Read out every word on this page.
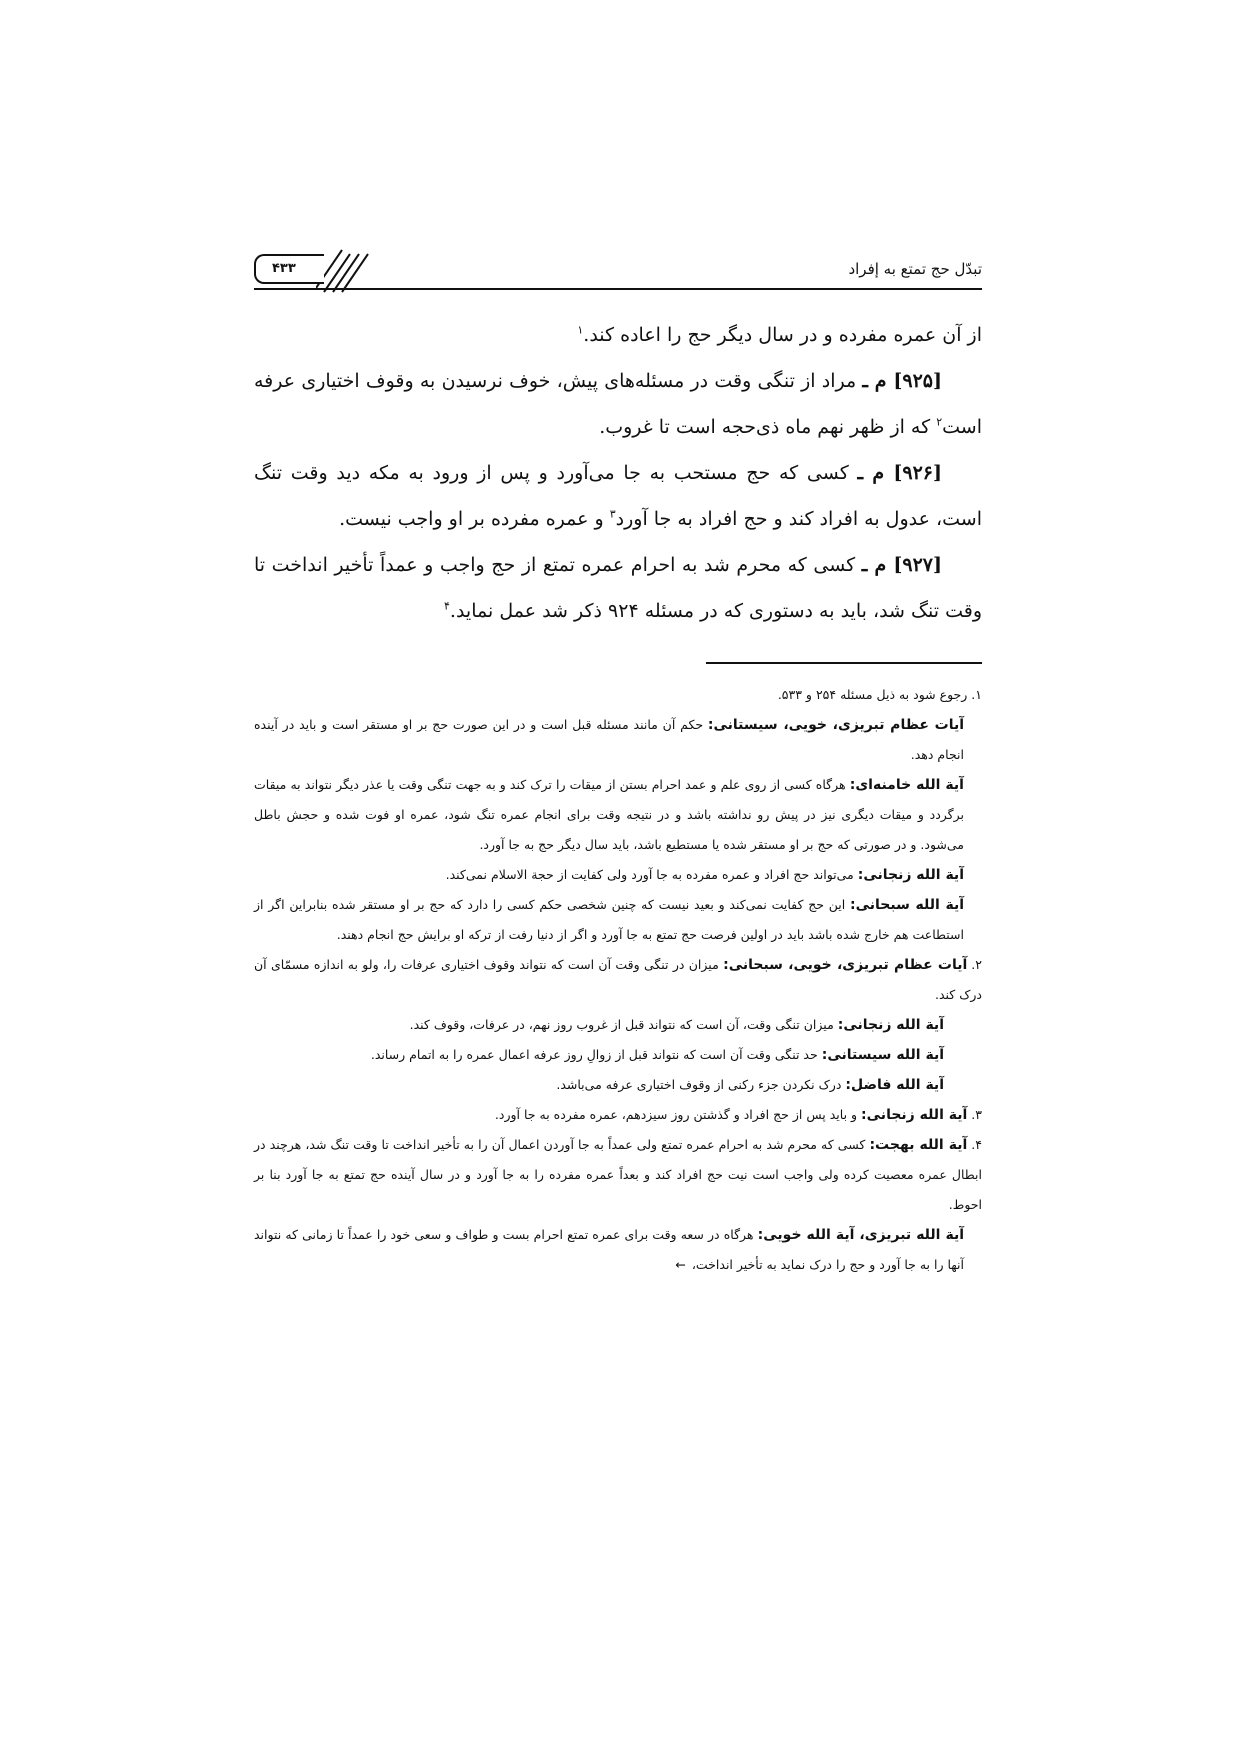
تبدّل حج تمتع به إفراد
۴۳۳

از آن عمره مفرده و در سال دیگر حج را اعاده کند.$^۱$

[۹۲۵] م ـ مراد از تنگی وقت در مسئله‌های پیش، خوف نرسیدن به وقوف اختیاری عرفه است$^۲$ که از ظهر نهم ماه ذی‌حجه است تا غروب.

[۹۲۶] م ـ کسی که حج مستحب به جا می‌آورد و پس از ورود به مکه دید وقت تنگ است، عدول به افراد کند و حج افراد به جا آورد$^۳$ و عمره مفرده بر او واجب نیست.

[۹۲۷] م ـ کسی که محرم شد به احرام عمره تمتع از حج واجب و عمداً تأخیر انداخت تا وقت تنگ شد، باید به دستوری که در مسئله ۹۲۴ ذکر شد عمل نماید.$^۴$

۱.رجوع شود به ذیل مسئله ۲۵۴ و ۵۳۳.

آیات عظام تبریزی، خویی، سیستانی: حکم آن مانند مسئله قبل است و در این صورت حج بر او مستقر است و باید در آینده انجام دهد.

آیة الله خامنه‌ای: هرگاه کسی از روی علم و عمد احرام بستن از میقات را ترک کند و به جهت تنگی وقت یا عذر دیگر نتواند به میقات برگردد و میقات دیگری نیز در پیش رو نداشته باشد و در نتیجه وقت برای انجام عمره تنگ شود، عمره او فوت شده و حجش باطل می‌شود. و در صورتی که حج بر او مستقر شده یا مستطیع باشد، باید سال دیگر حج به جا آورد.

آیة الله زنجانی: می‌تواند حج افراد و عمره مفرده به جا آورد ولی کفایت از حجة الاسلام نمی‌کند.

آیة الله سبحانی: این حج کفایت نمی‌کند و بعید نیست که چنین شخصی حکم کسی را دارد که حج بر او مستقر شده بنابراین اگر از استطاعت هم خارج شده باشد باید در اولین فرصت حج تمتع به جا آورد و اگر از دنیا رفت از ترکه او برایش حج انجام دهند.

۲.آیات عظام تبریزی، خویی، سبحانی: میزان در تنگی وقت آن است که نتواند وقوف اختیاری عرفات را، ولو به اندازه مسمّای آن درک کند.

آیة الله زنجانی: میزان تنگی وقت، آن است که نتواند قبل از غروب روز نهم، در عرفات، وقوف کند.

آیة الله سیستانی: حد تنگی وقت آن است که نتواند قبل از زوالِ روز عرفه اعمال عمره را به اتمام رساند.

آیة الله فاضل: درک نکردن جزء رکنی از وقوف اختیاری عرفه می‌باشد.

۳.آیة الله زنجانی: و باید پس از حج افراد و گذشتن روز سیزدهم، عمره مفرده به جا آورد.

۴.آیة الله بهجت: کسی که محرم شد به احرام عمره تمتع ولی عمداً به جا آوردن اعمال آن را به تأخیر انداخت تا وقت تنگ شد، هرچند در ابطال عمره معصیت کرده ولی واجب است نیت حج افراد کند و بعداً عمره مفرده را به جا آورد و در سال آینده حج تمتع به جا آورد بنا بر احوط.

آیة الله تبریزی، آیة الله خویی: هرگاه در سعه وقت برای عمره تمتع احرام بست و طواف و سعی خود را عمداً تا زمانی که نتواند آنها را به جا آورد و حج را درک نماید به تأخیر انداخت،←
